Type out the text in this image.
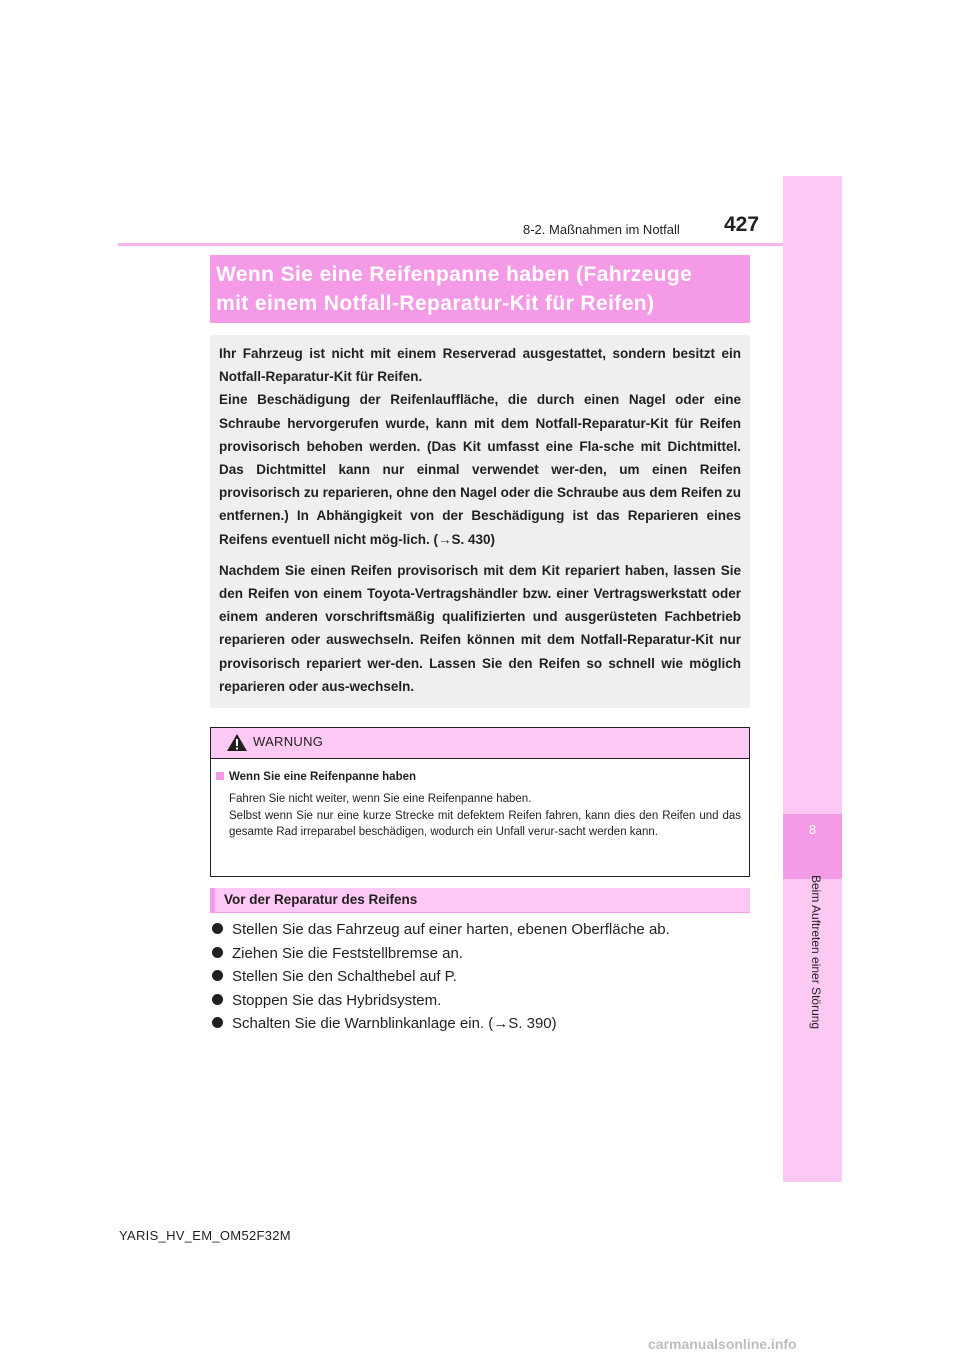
8
Beim Auftreten einer Störung
8-2. Maßnahmen im Notfall 427
Wenn Sie eine Reifenpanne haben (Fahrzeuge
mit einem Notfall-Reparatur-Kit für Reifen)

Ihr Fahrzeug ist nicht mit einem Reserverad ausgestattet, sondern besitzt ein Notfall-Reparatur-Kit für Reifen.

Eine Beschädigung der Reifenlauffläche, die durch einen Nagel oder eine Schraube hervorgerufen wurde, kann mit dem Notfall-Reparatur-Kit für Reifen provisorisch behoben werden. (Das Kit umfasst eine Fla-sche mit Dichtmittel. Das Dichtmittel kann nur einmal verwendet wer-den, um einen Reifen provisorisch zu reparieren, ohne den Nagel oder die Schraube aus dem Reifen zu entfernen.) In Abhängigkeit von der Beschädigung ist das Reparieren eines Reifens eventuell nicht mög-lich. (→S. 430)

Nachdem Sie einen Reifen provisorisch mit dem Kit repariert haben, lassen Sie den Reifen von einem Toyota-Vertragshändler bzw. einer Vertragswerkstatt oder einem anderen vorschriftsmäßig qualifizierten und ausgerüsteten Fachbetrieb reparieren oder auswechseln. Reifen können mit dem Notfall-Reparatur-Kit nur provisorisch repariert wer-den. Lassen Sie den Reifen so schnell wie möglich reparieren oder aus-wechseln.

WARNUNG
Wenn Sie eine Reifenpanne haben

Fahren Sie nicht weiter, wenn Sie eine Reifenpanne haben.

Selbst wenn Sie nur eine kurze Strecke mit defektem Reifen fahren, kann dies den Reifen und das gesamte Rad irreparabel beschädigen, wodurch ein Unfall verur-sacht werden kann.

Vor der Reparatur des Reifens
Stellen Sie das Fahrzeug auf einer harten, ebenen Oberfläche ab.
Ziehen Sie die Feststellbremse an.
Stellen Sie den Schalthebel auf P.
Stoppen Sie das Hybridsystem.
Schalten Sie die Warnblinkanlage ein. (→S. 390)
YARIS_HV_EM_OM52F32M
carmanualsonline.info
